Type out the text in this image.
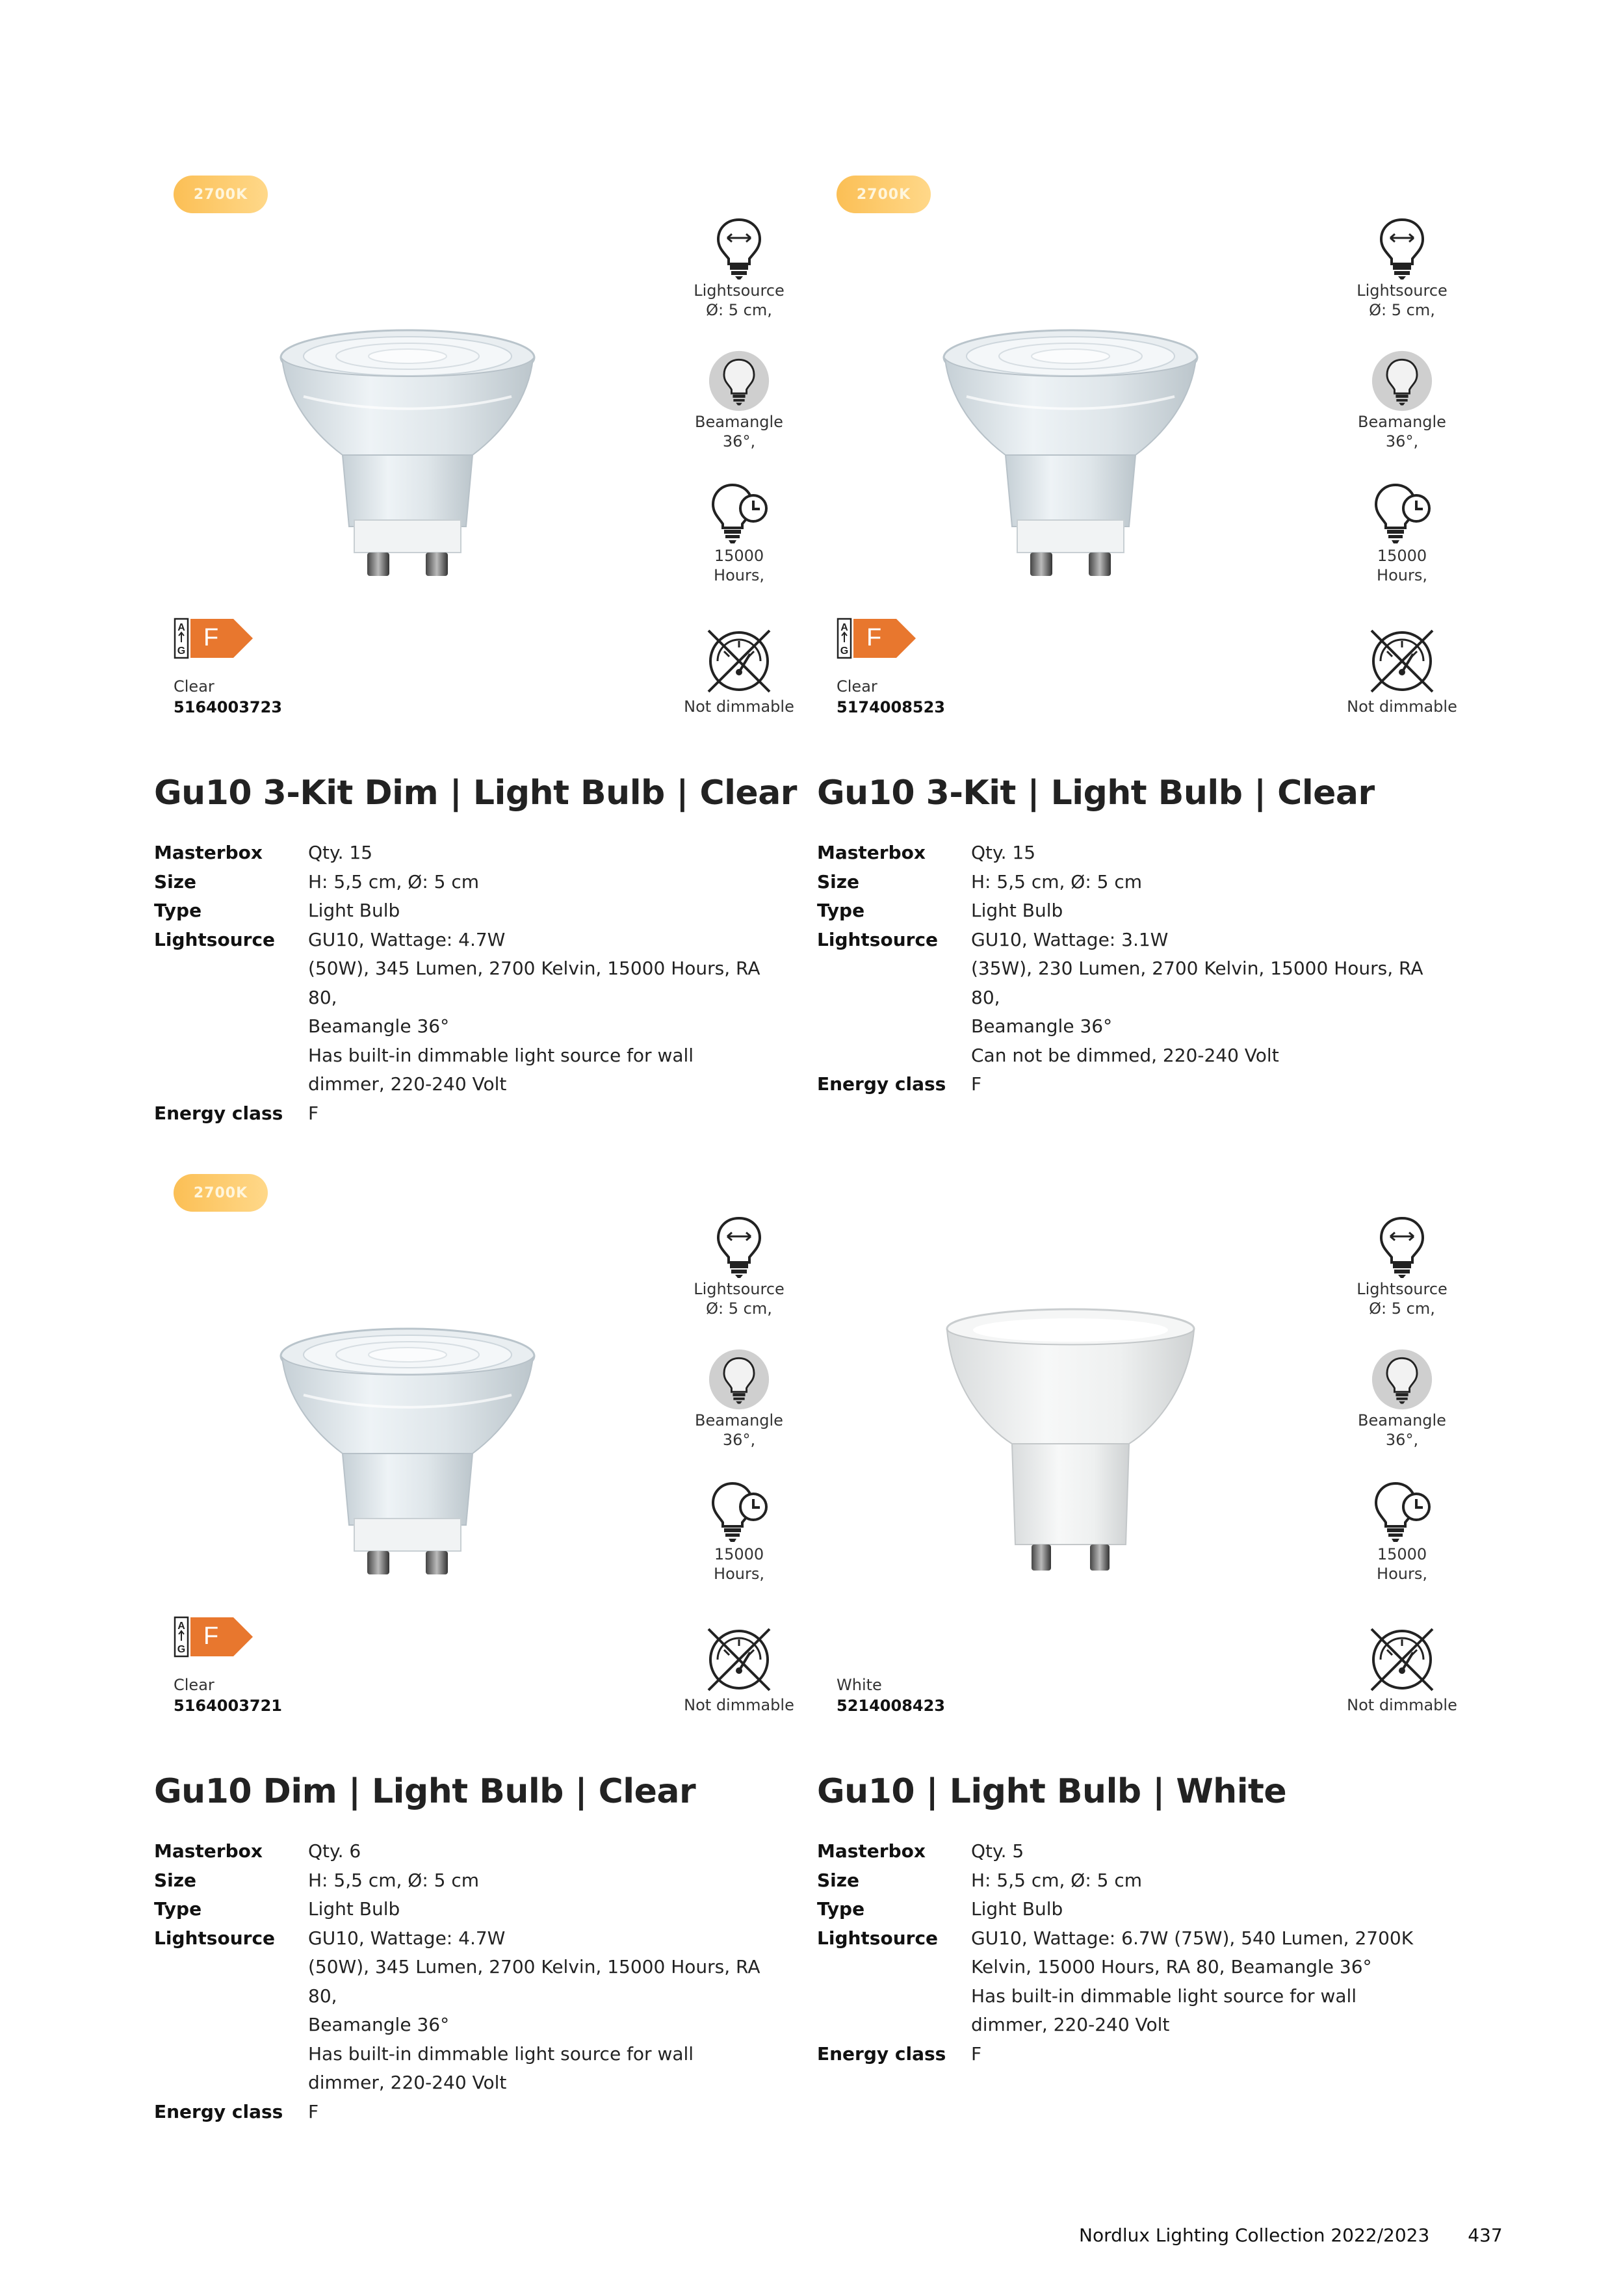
2700K
Lightsource
Ø: 5 cm,
Beamangle
36°,
15000
Hours,
Not dimmable
F
Clear
5164003723
Gu10 3-Kit Dim | Light Bulb | Clear
Masterbox	Qty. 15
Size	H: 5,5 cm, Ø: 5 cm
Type	Light Bulb
Lightsource	GU10, Wattage: 4.7W
(50W), 345 Lumen, 2700 Kelvin, 15000 Hours, RA 80,
Beamangle 36°
Has built-in dimmable light source for wall
dimmer, 220-240 Volt
Energy class	F
2700K
Lightsource
Ø: 5 cm,
Beamangle
36°,
15000
Hours,
Not dimmable
F
Clear
5174008523
Gu10 3-Kit | Light Bulb | Clear
Masterbox	Qty. 15
Size	H: 5,5 cm, Ø: 5 cm
Type	Light Bulb
Lightsource	GU10, Wattage: 3.1W
(35W), 230 Lumen, 2700 Kelvin, 15000 Hours, RA 80,
Beamangle 36°
Can not be dimmed, 220-240 Volt
Energy class	F
2700K
Lightsource
Ø: 5 cm,
Beamangle
36°,
15000
Hours,
Not dimmable
F
Clear
5164003721
Gu10 Dim | Light Bulb | Clear
Masterbox	Qty. 6
Size	H: 5,5 cm, Ø: 5 cm
Type	Light Bulb
Lightsource	GU10, Wattage: 4.7W
(50W), 345 Lumen, 2700 Kelvin, 15000 Hours, RA 80,
Beamangle 36°
Has built-in dimmable light source for wall
dimmer, 220-240 Volt
Energy class	F
Lightsource
Ø: 5 cm,
Beamangle
36°,
15000
Hours,
Not dimmable
White
5214008423
Gu10 | Light Bulb | White
Masterbox	Qty. 5
Size	H: 5,5 cm, Ø: 5 cm
Type	Light Bulb
Lightsource	GU10, Wattage: 6.7W (75W), 540 Lumen, 2700K
Kelvin, 15000 Hours, RA 80, Beamangle 36°
Has built-in dimmable light source for wall
dimmer, 220-240 Volt
Energy class	F
Nordlux Lighting Collection 2022/2023 437
